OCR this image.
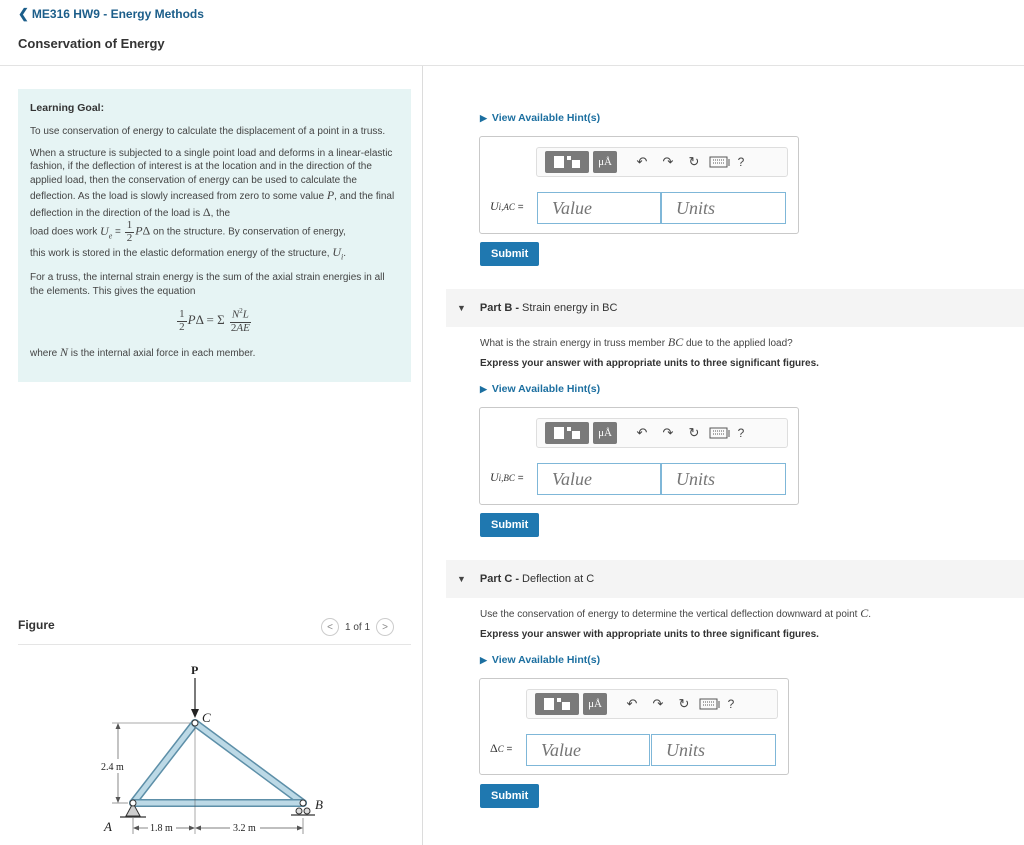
❮ ME316 HW9 - Energy Methods
Conservation of Energy
Learning Goal:

To use conservation of energy to calculate the displacement of a point in a truss.

When a structure is subjected to a single point load and deforms in a linear-elastic fashion, if the deflection of interest is at the location and in the direction of the applied load, then the conservation of energy can be used to calculate the deflection. As the load is slowly increased from zero to some value P, and the final deflection in the direction of the load is Δ, the
load does work $U_e = \frac{1}{2}$ PΔ on the structure. By conservation of energy,
this work is stored in the elastic deformation energy of the structure, $U_i$.

For a truss, the internal strain energy is the sum of the axial strain energies in all the elements. This gives the equation

$\frac{1}{2}$ PΔ = Σ $\frac{N^2L}{2AE}$

where N is the internal axial force in each member.

Figure	<	1 of 1	>
P
C
B
A
2.4 m
1.8 m	3.2 m
▶ View Available Hint(s)
μÅ	↶	↷	↻	?
Ui,AC =
Value
Units
Submit
▼ Part B - Strain energy in BC
What is the strain energy in truss member BC due to the applied load?
Express your answer with appropriate units to three significant figures.
▶ View Available Hint(s)
μÅ	↶	↷	↻	?
Ui,BC =
Value
Units
Submit
▼ Part C - Deflection at C
Use the conservation of energy to determine the vertical deflection downward at point C.
Express your answer with appropriate units to three significant figures.
▶ View Available Hint(s)
μÅ	↶	↷	↻	?
ΔC =
Value
Units
Submit
